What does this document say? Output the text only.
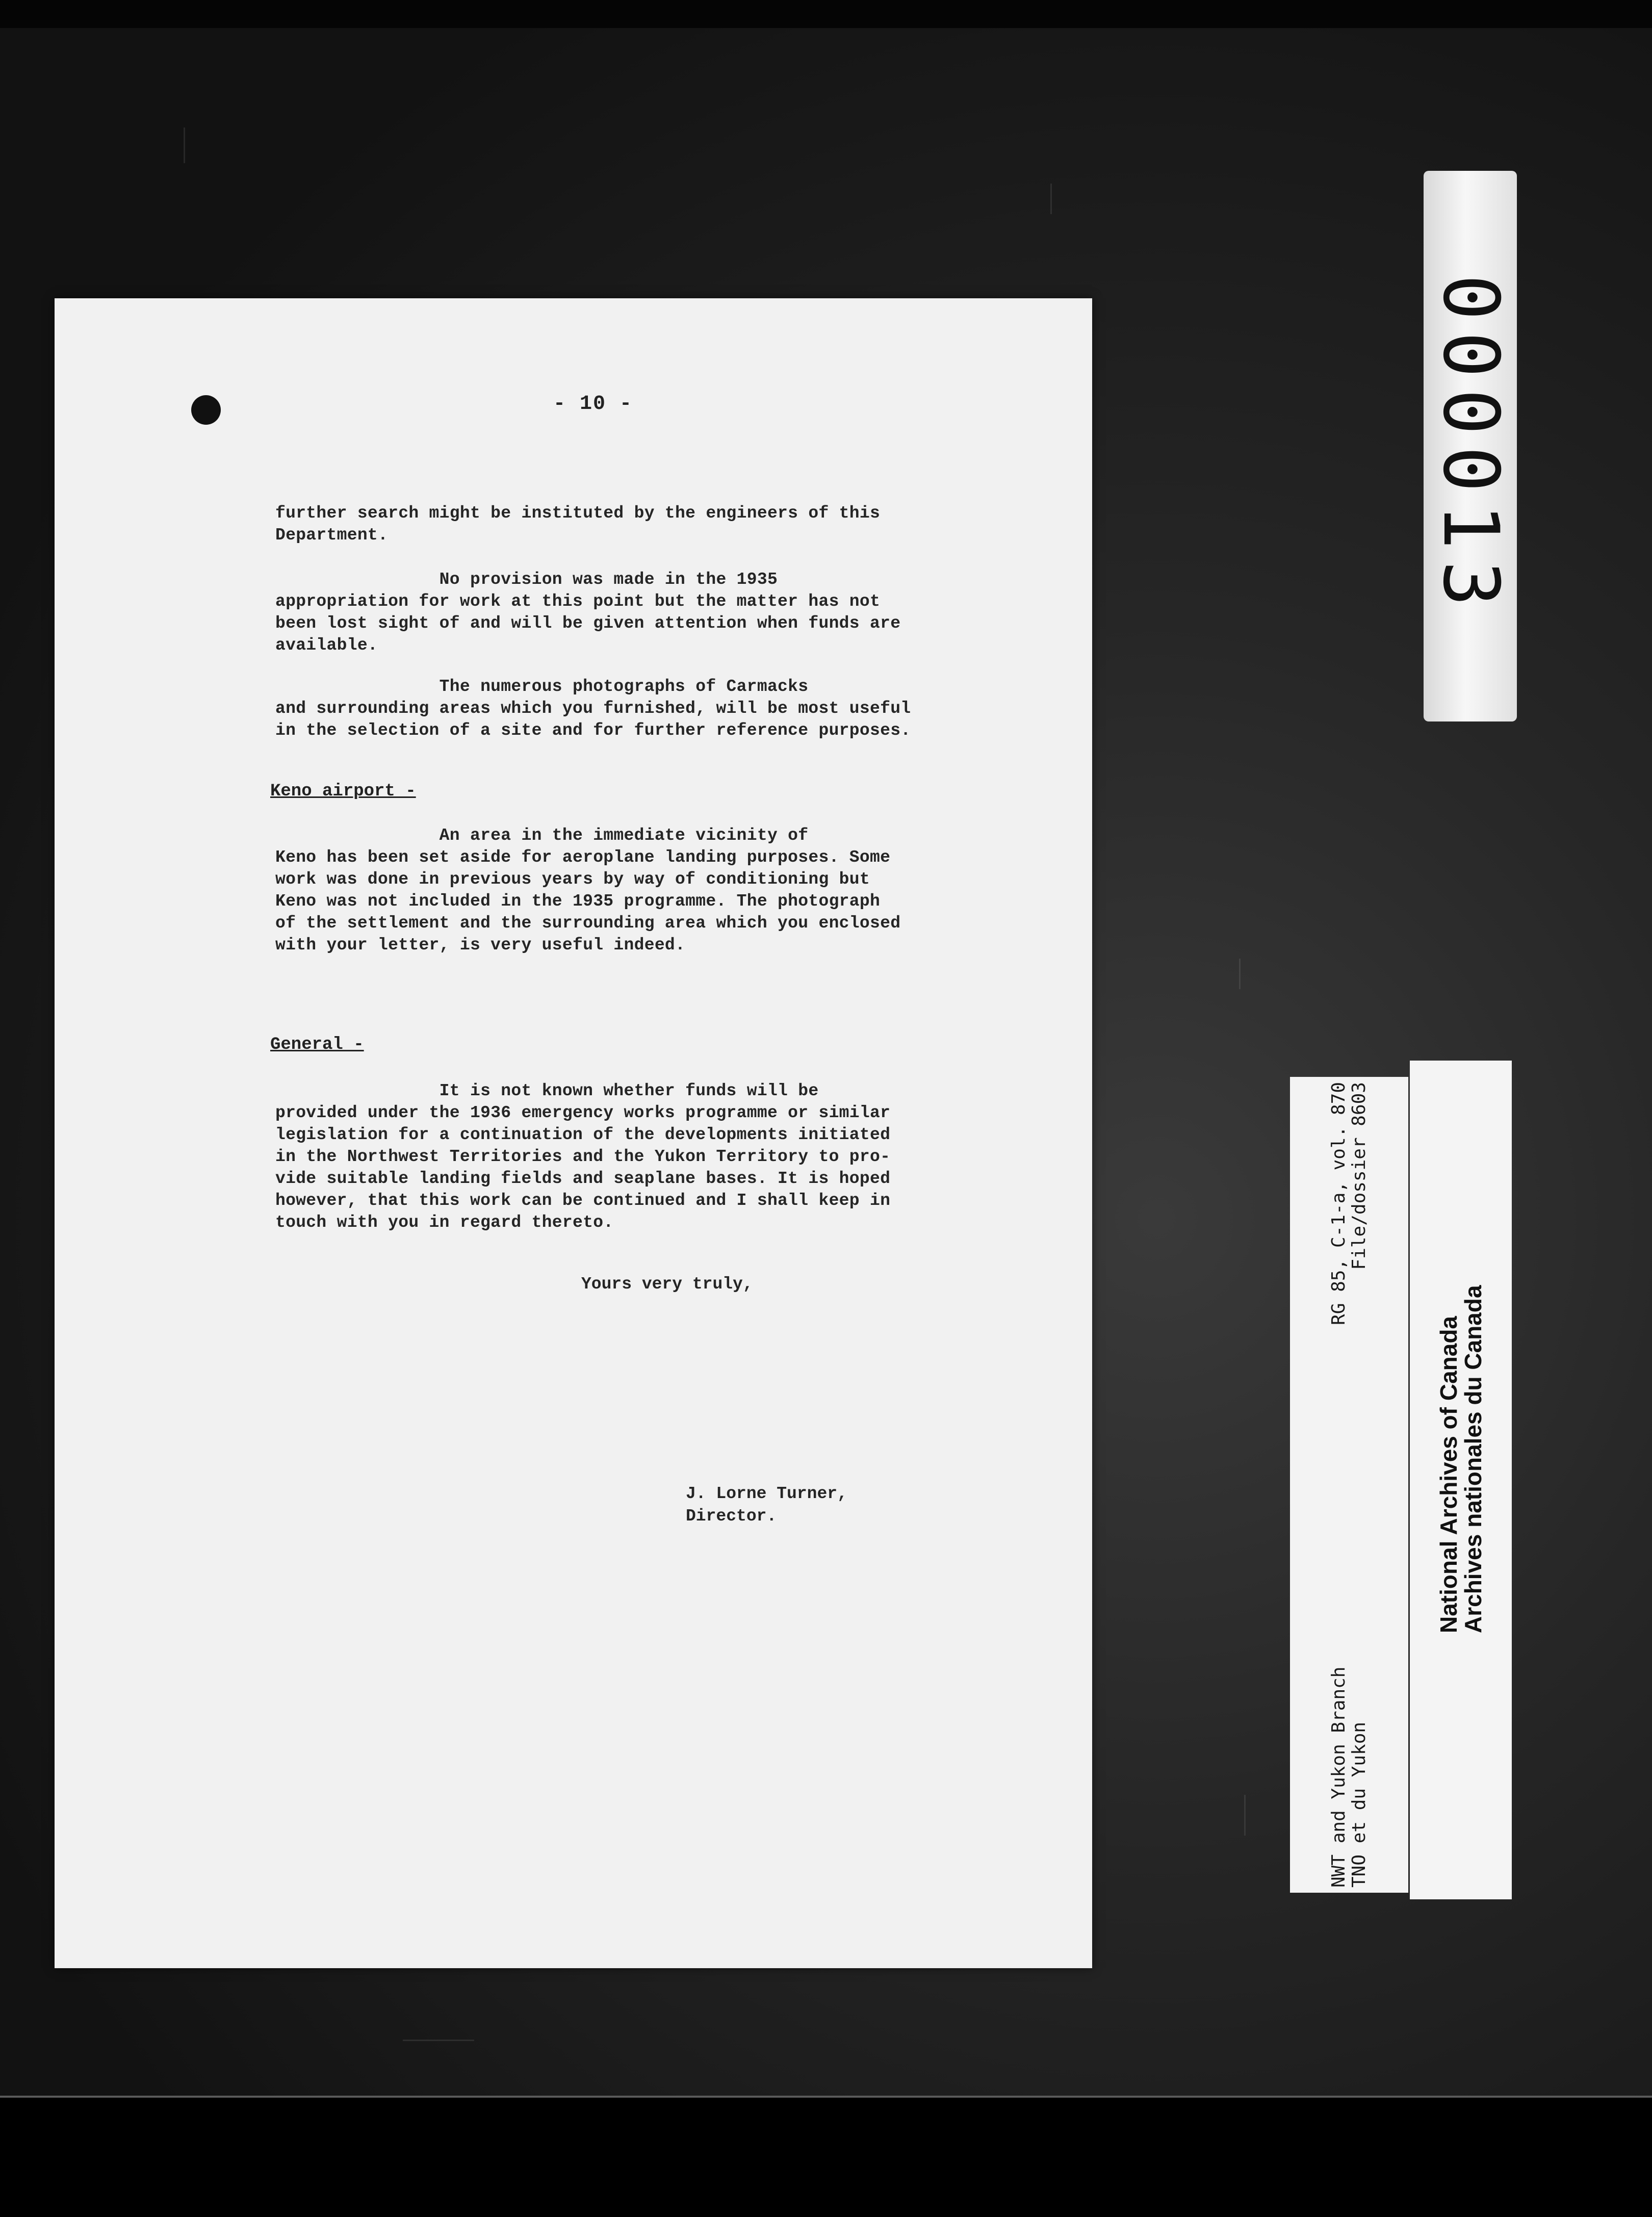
- 10 -

further search might be instituted by the engineers of this
Department.

No provision was made in the 1935
appropriation for work at this point but the matter has not
been lost sight of and will be given attention when funds are
available.

The numerous photographs of Carmacks
and surrounding areas which you furnished, will be most useful
in the selection of a site and for further reference purposes.

Keno airport -

An area in the immediate vicinity of
Keno has been set aside for aeroplane landing purposes. Some
work was done in previous years by way of conditioning but
Keno was not included in the 1935 programme. The photograph
of the settlement and the surrounding area which you enclosed
with your letter, is very useful indeed.

General -

It is not known whether funds will be
provided under the 1936 emergency works programme or similar
legislation for a continuation of the developments initiated
in the Northwest Territories and the Yukon Territory to pro-
vide suitable landing fields and seaplane bases. It is hoped
however, that this work can be continued and I shall keep in
touch with you in regard thereto.

Yours very truly,
J. Lorne Turner,
Director.
000013
NWT and Yukon Branch
RG 85, C-1-a, vol. 870
TNO et du Yukon
File/dossier 8603
National Archives of Canada
Archives nationales du Canada
